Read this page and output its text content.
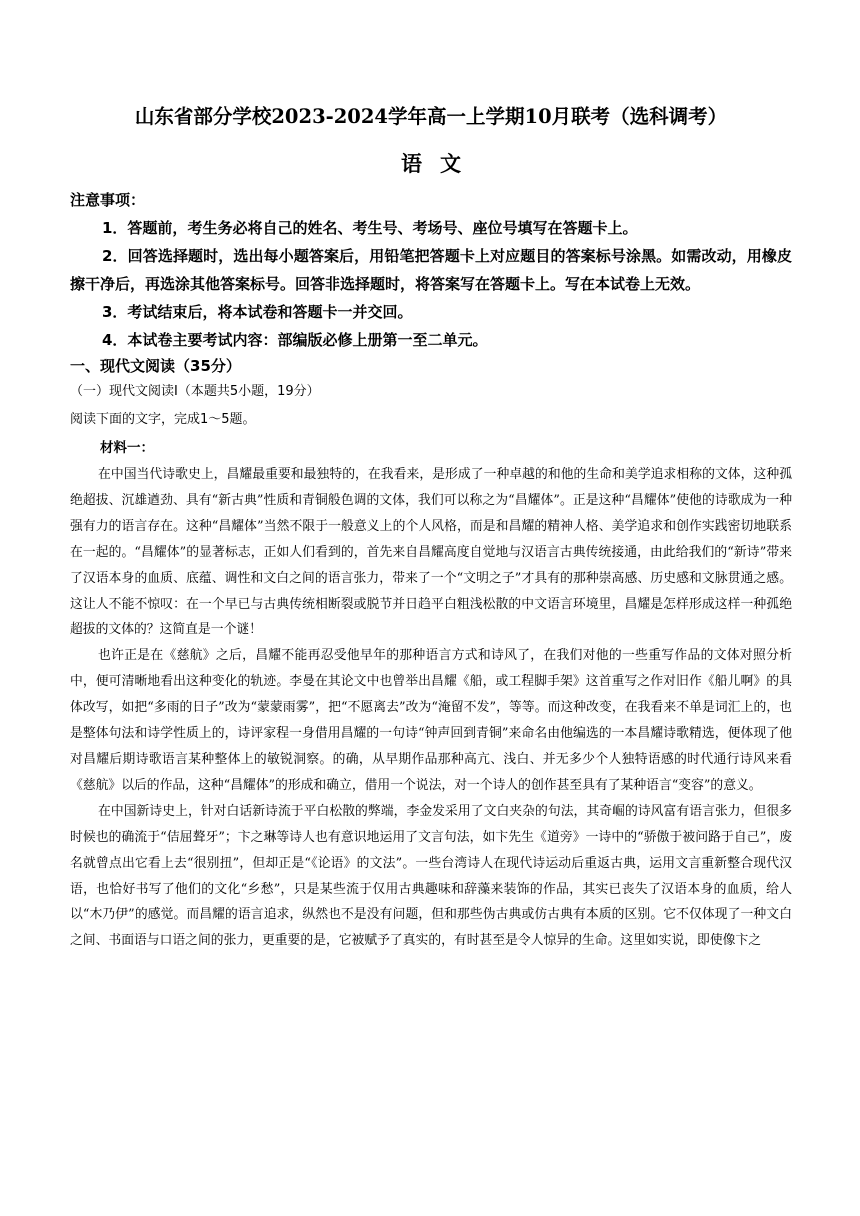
山东省部分学校2023-2024学年高一上学期10月联考（选科调考）
语文
注意事项：
1．答题前，考生务必将自己的姓名、考生号、考场号、座位号填写在答题卡上。
2．回答选择题时，选出每小题答案后，用铅笔把答题卡上对应题目的答案标号涂黑。如需改动，用橡皮擦干净后，再选涂其他答案标号。回答非选择题时，将答案写在答题卡上。写在本试卷上无效。
3．考试结束后，将本试卷和答题卡一并交回。
4．本试卷主要考试内容：部编版必修上册第一至二单元。
一、现代文阅读（35分）
（一）现代文阅读Ⅰ（本题共5小题，19分）
阅读下面的文字，完成1～5题。
材料一：

在中国当代诗歌史上，昌耀最重要和最独特的，在我看来，是形成了一种卓越的和他的生命和美学追求相称的文体，这种孤绝超拔、沉雄遒劲、具有“新古典”性质和青铜般色调的文体，我们可以称之为“昌耀体”。正是这种“昌耀体”使他的诗歌成为一种强有力的语言存在。这种“昌耀体”当然不限于一般意义上的个人风格，而是和昌耀的精神人格、美学追求和创作实践密切地联系在一起的。“昌耀体”的显著标志，正如人们看到的，首先来自昌耀高度自觉地与汉语言古典传统接通，由此给我们的“新诗”带来了汉语本身的血质、底蕴、调性和文白之间的语言张力，带来了一个“文明之子”才具有的那种崇高感、历史感和文脉贯通之感。这让人不能不惊叹：在一个早已与古典传统相断裂或脱节并日趋平白粗浅松散的中文语言环境里，昌耀是怎样形成这样一种孤绝超拔的文体的？这简直是一个谜！

也许正是在《慈航》之后，昌耀不能再忍受他早年的那种语言方式和诗风了，在我们对他的一些重写作品的文体对照分析中，便可清晰地看出这种变化的轨迹。李曼在其论文中也曾举出昌耀《船，或工程脚手架》这首重写之作对旧作《船儿啊》的具体改写，如把“多雨的日子”改为“蒙蒙雨雾”，把“不愿离去”改为“淹留不发”，等等。而这种改变，在我看来不单是词汇上的，也是整体句法和诗学性质上的，诗评家程一身借用昌耀的一句诗“钟声回到青铜”来命名由他编选的一本昌耀诗歌精选，便体现了他对昌耀后期诗歌语言某种整体上的敏锐洞察。的确，从早期作品那种高亢、浅白、并无多少个人独特语感的时代通行诗风来看《慈航》以后的作品，这种“昌耀体”的形成和确立，借用一个说法，对一个诗人的创作甚至具有了某种语言“变容”的意义。

在中国新诗史上，针对白话新诗流于平白松散的弊端，李金发采用了文白夹杂的句法，其奇崛的诗风富有语言张力，但很多时候也的确流于“佶屈聱牙”；卞之琳等诗人也有意识地运用了文言句法，如卞先生《道旁》一诗中的“骄傲于被问路于自己”，废名就曾点出它看上去“很别扭”，但却正是“《论语》的文法”。一些台湾诗人在现代诗运动后重返古典，运用文言重新整合现代汉语，也恰好书写了他们的文化“乡愁”，只是某些流于仅用古典趣味和辞藻来装饰的作品，其实已丧失了汉语本身的血质，给人以“木乃伊”的感觉。而昌耀的语言追求，纵然也不是没有问题，但和那些伪古典或仿古典有本质的区别。它不仅体现了一种文白之间、书面语与口语之间的张力，更重要的是，它被赋予了真实的，有时甚至是令人惊异的生命。这里如实说，即使像卞之
